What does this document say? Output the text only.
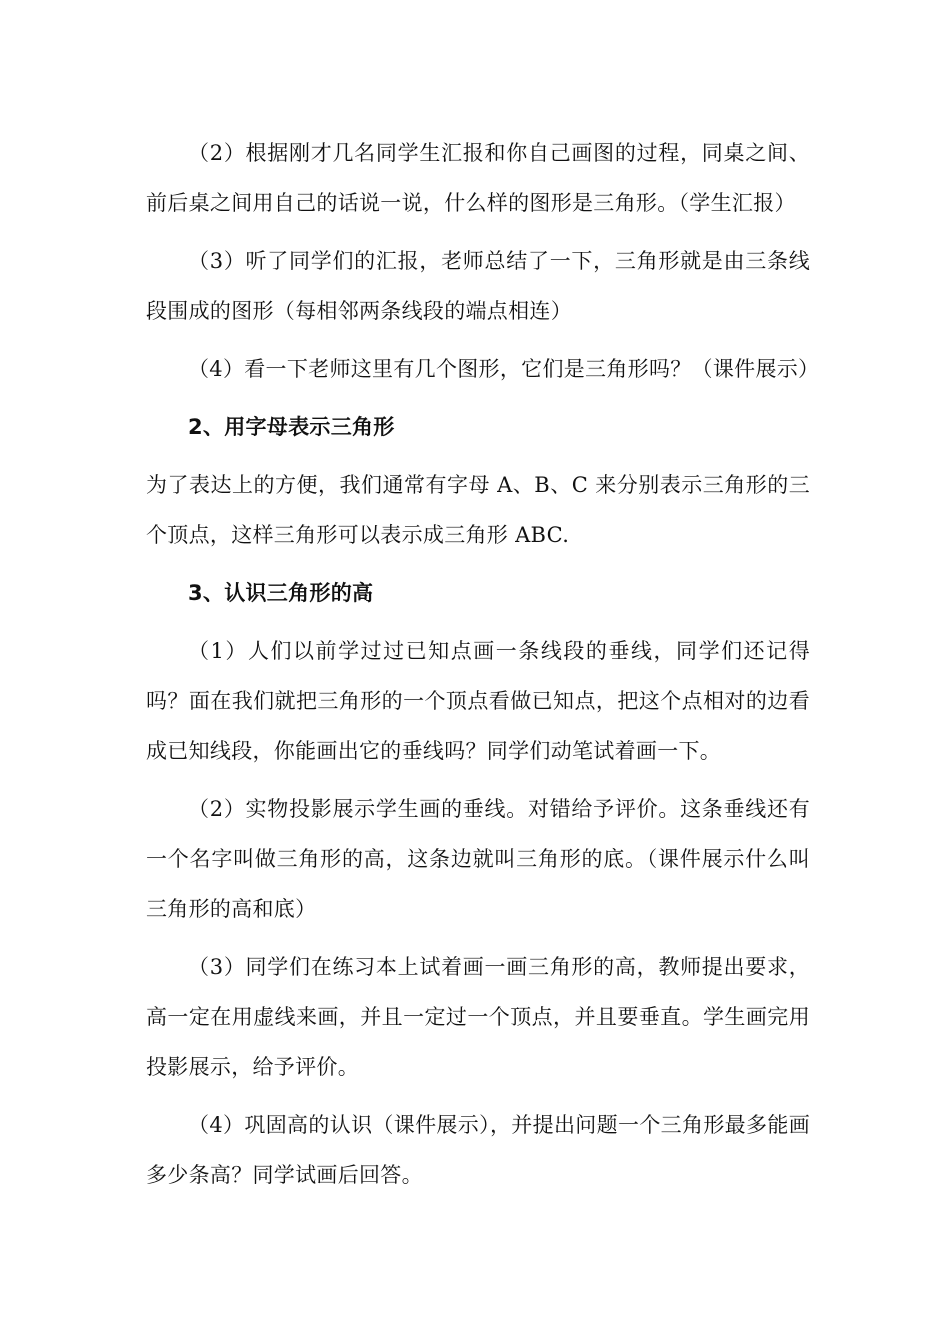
（2）根据刚才几名同学生汇报和你自己画图的过程，同桌之间、前后桌之间用自己的话说一说，什么样的图形是三角形。（学生汇报）

（3）听了同学们的汇报，老师总结了一下，三角形就是由三条线段围成的图形（每相邻两条线段的端点相连）

（4）看一下老师这里有几个图形，它们是三角形吗？（课件展示）

2、用字母表示三角形

为了表达上的方便，我们通常有字母 A、B、C 来分别表示三角形的三个顶点，这样三角形可以表示成三角形 ABC.

3、认识三角形的高

（1）人们以前学过过已知点画一条线段的垂线，同学们还记得吗？面在我们就把三角形的一个顶点看做已知点，把这个点相对的边看成已知线段，你能画出它的垂线吗？同学们动笔试着画一下。

（2）实物投影展示学生画的垂线。对错给予评价。这条垂线还有一个名字叫做三角形的高，这条边就叫三角形的底。（课件展示什么叫三角形的高和底）

（3）同学们在练习本上试着画一画三角形的高，教师提出要求，高一定在用虚线来画，并且一定过一个顶点，并且要垂直。学生画完用投影展示，给予评价。

（4）巩固高的认识（课件展示），并提出问题一个三角形最多能画多少条高？同学试画后回答。
